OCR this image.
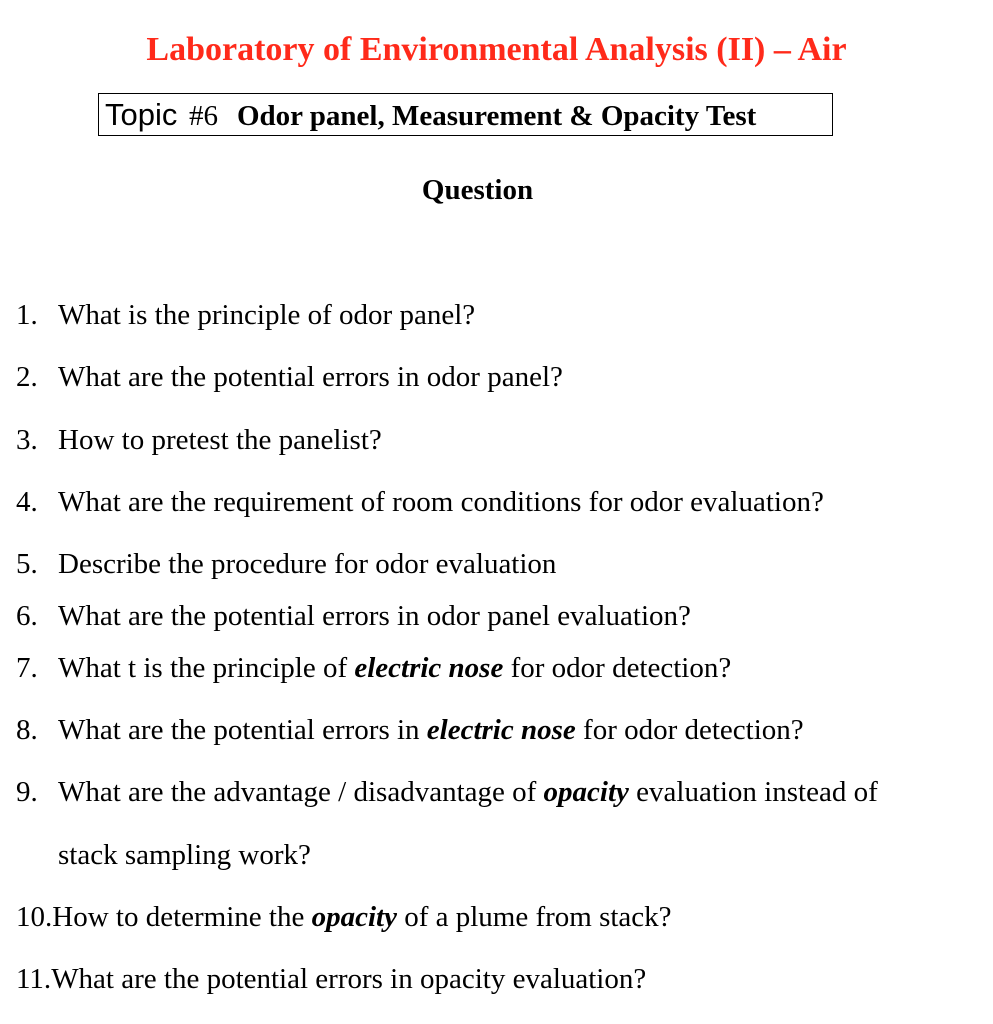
Laboratory of Environmental Analysis (II) – Air
Topic #6 Odor panel, Measurement & Opacity Test
Question
1. What is the principle of odor panel?
2. What are the potential errors in odor panel?
3. How to pretest the panelist?
4. What are the requirement of room conditions for odor evaluation?
5. Describe the procedure for odor evaluation
6. What are the potential errors in odor panel evaluation?
7. What t is the principle of electric nose for odor detection?
8. What are the potential errors in electric nose for odor detection?
9. What are the advantage / disadvantage of opacity evaluation instead of
stack sampling work?
10. How to determine the opacity of a plume from stack?
11. What are the potential errors in opacity evaluation?
